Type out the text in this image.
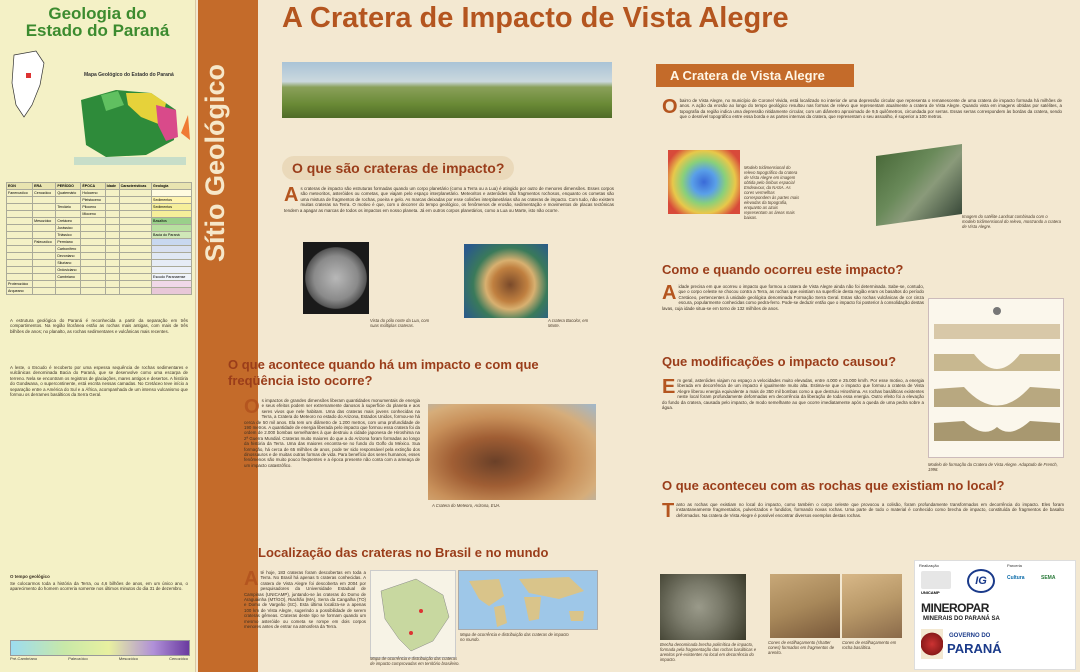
Geologia do
Estado do Paraná
Mapa Geológico do Estado do Paraná
EON	ERA	PERÍODO	ÉPOCA	Idade	Características	Geologia
Fanerozóico	Cenozóico	Quaternário	Holoceno			
			Pleistoceno			Sedimentos
		Terciário	Plioceno			Sedimentos
			Mioceno			
	Mesozóico	Cretáceo				Basaltos
		Jurássico				
		Triássico				Bacia do Paraná
	Paleozóico	Permiano				
		Carbonífero				
		Devoniano				
		Siluriano				
		Ordoviciano				
		Cambriano				Escudo Paranaense
Proterozóico						
Arqueano						
A estrutura geológica do Paraná é reconhecida a partir da separação em três compartimentos. Na região litorânea estão as rochas mais antigas, com mais de três bilhões de anos; no planalto, as rochas sedimentares e vulcânicas mais recentes.
A leste, o Escudo é recoberto por uma espessa sequência de rochas sedimentares e vulcânicas denominada Bacia do Paraná, que se desenvolve como uma escarpa de terreno. Nela se encontram os registros de glaciações, mares antigos e desertos. A história do Gondwana, o supercontinente, está escrita nessas camadas. No Cretáceo teve início a separação entre a América do Sul e a África, acompanhada de um intenso vulcanismo que formou os derrames basálticos da Serra Geral.
O tempo geológico
Se colocarmos toda a história da Terra, ou 4,6 bilhões de anos, em um único ano, o aparecimento do homem ocorreria somente nos últimos minutos do dia 31 de dezembro.
Pré-Cambriano	Paleozóico	Mesozóico	Cenozóico
Sítio Geológico
A Cratera de Impacto de Vista Alegre
O que são crateras de impacto?
As crateras de impacto são estruturas formadas quando um corpo planetário (como a Terra ou a Lua) é atingido por outro de menores dimensões. Esses corpos são meteoritos, asteróides ou cometas, que viajam pelo espaço interplanetário. Meteoritos e asteróides são fragmentos rochosos, enquanto os cometas são uma mistura de fragmentos de rochas, poeira e gelo. As marcas deixadas por esse colisões interplanetárias são as crateras de impacto. Com tudo, não existem muitas crateras na Terra. O motivo é que, com o decorrer do tempo geológico, os fenômenos de erosão, sedimentação e movimentos de placas tectônicas tendem a apagar as marcas de todos os impactos em nosso planeta. Já em outros corpos planetários, como a Lua ou Marte, isto não ocorre.
Vista do pólo norte da Lua, com suas múltiplas crateras.
A cratera Bacolor, em Marte.
O que acontece quando há um impacto e com que
freqüência isto ocorre?
Os impactos de grandes dimensões liberam quantidades monumentais de energia e seus efeitos podem ser extremamente danosos à superfície do planeta e aos seres vivos que nele habitam. Uma das crateras mais jovens conhecidas na Terra, a Cratera do Meteoro no estado do Arizona, Estados Unidos, formou-se há cerca de 50 mil anos. Ela tem um diâmetro de 1.200 metros, com uma profundidade de 190 metros. A quantidade de energia liberada pelo impacto que formou essa cratera foi da ordem de 2.000 bombas semelhantes à que destruiu a cidade japonesa de Hiroshima na 2ª Guerra Mundial. Crateras muito maiores do que a do Arizona foram formadas ao longo da história da Terra. Uma das maiores encontra-se no fundo do Golfo do México. Sua formação, há cerca de 65 milhões de anos, pode ter sido responsável pela extinção dos dinossauros e de muitas outras formas de vida. Para benefício dos seres humanos, esses fenômenos são muito pouco freqüentes e a época presente não conta com a ameaça de um impacto catastrófico.
A Cratera do Meteoro, Arizona, EUA.
Localização das crateras no Brasil e no mundo
Até hoje, 183 crateras foram descobertas em toda a Terra. No Brasil há apenas 5 crateras conhecidas. A cratera de Vista Alegre foi descoberta em 2004 por pesquisadores da Universidade Estadual de Campinas (UNICAMP), juntando-se às crateras do Domo de Araguainha (MT/GO), Riachão (MA), Serra da Cangalha (TO) e Domo de Vargeão (SC). Esta última localiza-se a apenas 100 km de Vista Alegre, sugerindo a possibilidade de serem crateras gêmeas. Crateras deste tipo se formam quando um mesmo asteróide ou cometa se rompe em dois corpos menores antes de entrar na atmosfera da Terra.
Mapa de ocorrência e distribuição das crateras de impacto comprovadas em território brasileiro.
Mapa de ocorrência e distribuição das crateras de impacto no mundo.
A Cratera de Vista Alegre
Obairro de Vista Alegre, no município de Coronel Vivida, está localizado no interior de uma depressão circular que representa o remanescente de uma cratera de impacto formada há milhões de anos. A ação da erosão ao longo do tempo geológico resultou nas formas de relevo que representam atualmente a cratera de Vista Alegre. Quando vista em imagens obtidas por satélites, a topografia da região indica uma depressão nitidamente circular, com um diâmetro aproximado de 9,5 quilômetros, circundada por serras. Essas serras correspondem às bordas da cratera, sendo que o desnível topográfico entre essa borda e as partes internas da cratera, que representam o seu assoalho, é superior a 100 metros.
Modelo tridimensional do relevo topográfico da cratera de Vista Alegre em imagem obtida pelo ônibus espacial Endeavour, da NASA. As cores vermelhas correspondem às partes mais elevadas da topografia, enquanto as azuis representam as áreas mais baixas.	Imagem do satélite Landsat combinada com o modelo tridimensional do relevo, mostrando a cratera de Vista Alegre.
Como e quando ocorreu este impacto?
Aidade precisa em que ocorreu o impacto que formou a cratera de Vista Alegre ainda não foi determinada. Sabe-se, contudo, que o corpo celeste se chocou contra a Terra, as rochas que existiam na superfície desta região eram os basaltos do período Cretáceo, pertencentes à unidade geológica denominada Formação Serra Geral. Estas são rochas vulcânicas de cor cinza escura, popularmente conhecidas como pedra-ferro. Pode-se deduzir então que o impacto foi posterior à consolidação destas lavas, cuja idade situa-se em torno de 132 milhões de anos.
Que modificações o impacto causou?
Em geral, asteróides viajam no espaço a velocidades muito elevadas, entre 4.000 e 25.000 km/h. Por esse motivo, a energia liberada em decorrência de um impacto é igualmente muito alta. Estima-se que o impacto que formou a cratera de Vista Alegre liberou energia equivalente a mais de 350 mil bombas como a que destruiu Hiroshima. As rochas basálticas existentes neste local foram profundamente deformadas em decorrência da liberação de toda essa energia. Outro efeito foi a elevação do fundo da cratera, causada pelo impacto, de modo semelhante ao que ocorre imediatamente após a queda de uma pedra sobre a água.
Modelo de formação da Cratera de Vista Alegre. Adaptado de French, 1998.
O que aconteceu com as rochas que existiam no local?
Tanto as rochas que existiam no local do impacto, como também o corpo celeste que provocou a colisão, foram profundamente transformados em decorrência do impacto. Eles foram instantaneamente fragmentados, pulverizados e fundidos, formando novas rochas. Uma parte de todo o material é conhecido como brecha de impacto, constituída de fragmentos de basalto deformados. Na cratera de Vista Alegre é possível encontrar diversos exemplos destas rochas.
Brecha denominada brecha polimítica de impacto, formada pela fragmentação das rochas basálticas e arenitos pré-existentes no local em decorrência do impacto.
Cones de estilhaçamento (shatter cones) formados em fragmentos de arenito.
Cones de estilhaçamento em rocha basáltica.
Realização	Parceria
UNICAMP
IG	Cultura	SEMA
MINEROPAR
MINERAIS DO PARANÁ SA
GOVERNO DO
PARANÁ
